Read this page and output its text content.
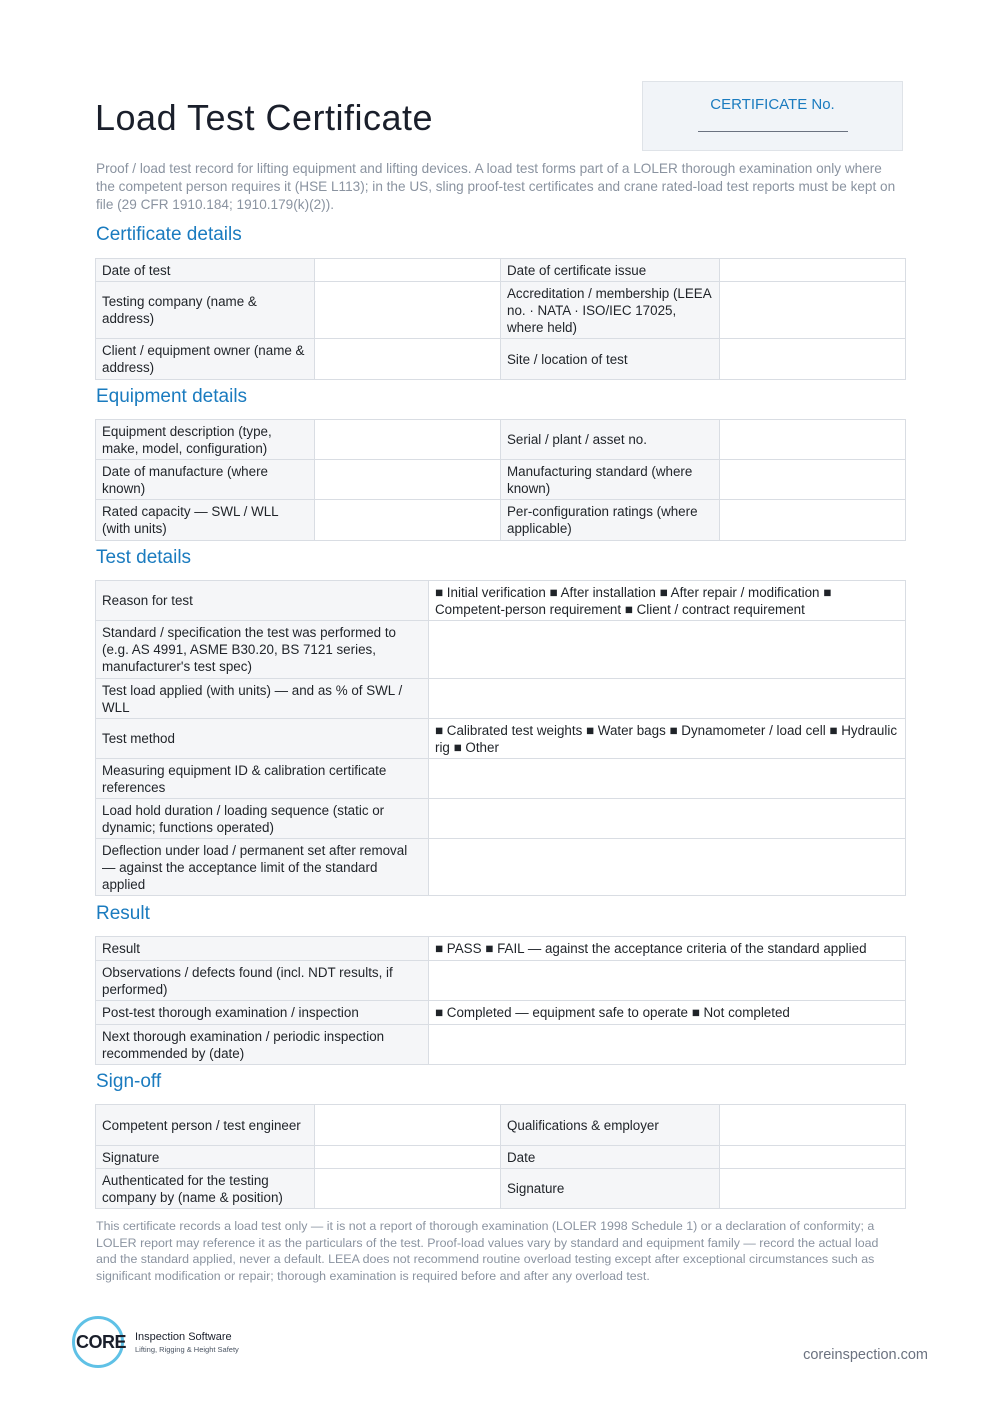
Load Test Certificate	CERTIFICATE No.

Proof / load test record for lifting equipment and lifting devices. A load test forms part of a LOLER thorough examination only where the competent person requires it (HSE L113); in the US, sling proof-test certificates and crane rated-load test reports must be kept on file (29 CFR 1910.184; 1910.179(k)(2)).

Certificate details
Date of test		Date of certificate issue	
Testing company (name & address)		Accreditation / membership (LEEA no. · NATA · ISO/IEC 17025, where held)	
Client / equipment owner (name & address)		Site / location of test	
Equipment details
Equipment description (type, make, model, configuration)		Serial / plant / asset no.	
Date of manufacture (where known)		Manufacturing standard (where known)	
Rated capacity — SWL / WLL (with units)		Per-configuration ratings (where applicable)	
Test details
Reason for test	■ Initial verification ■ After installation ■ After repair / modification ■ Competent-person requirement ■ Client / contract requirement
Standard / specification the test was performed to (e.g. AS 4991, ASME B30.20, BS 7121 series, manufacturer's test spec)	
Test load applied (with units) — and as % of SWL / WLL	
Test method	■ Calibrated test weights ■ Water bags ■ Dynamometer / load cell ■ Hydraulic rig ■ Other
Measuring equipment ID & calibration certificate references	
Load hold duration / loading sequence (static or dynamic; functions operated)	
Deflection under load / permanent set after removal — against the acceptance limit of the standard applied	
Result
Result	■ PASS ■ FAIL — against the acceptance criteria of the standard applied
Observations / defects found (incl. NDT results, if performed)	
Post-test thorough examination / inspection	■ Completed — equipment safe to operate ■ Not completed
Next thorough examination / periodic inspection recommended by (date)	
Sign-off
Competent person / test engineer		Qualifications & employer	
Signature		Date	
Authenticated for the testing company by (name & position)		Signature	

This certificate records a load test only — it is not a report of thorough examination (LOLER 1998 Schedule 1) or a declaration of conformity; a LOLER report may reference it as the particulars of the test. Proof-load values vary by standard and equipment family — record the actual load and the standard applied, never a default. LEEA does not recommend routine overload testing except after exceptional circumstances such as significant modification or repair; thorough examination is required before and after any overload test.

CORE Inspection Software
Lifting, Rigging & Height Safety	coreinspection.com
